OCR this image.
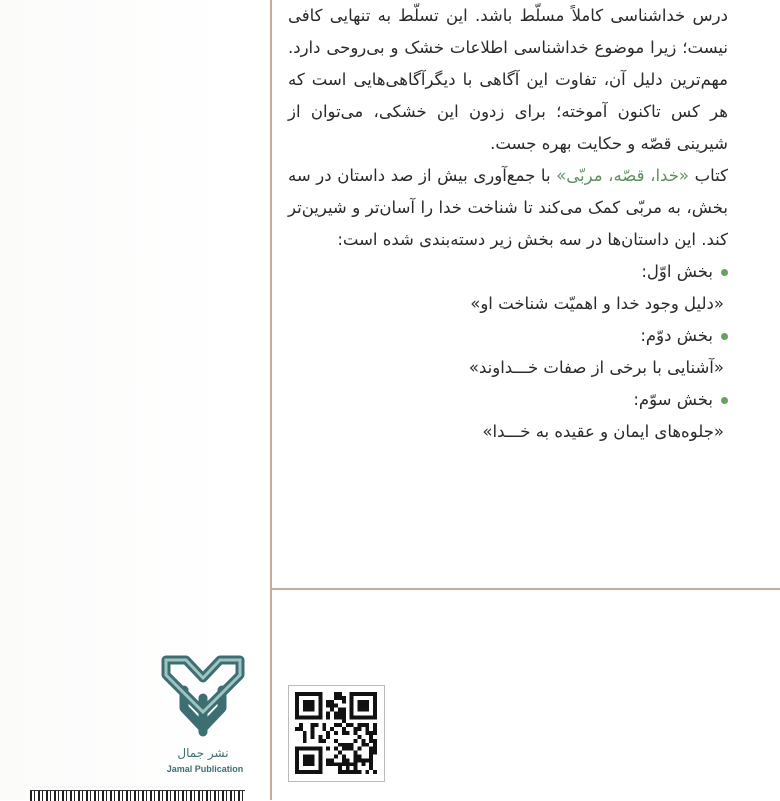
درس خداشناسی کاملاً مسلّط باشد. این تسلّط به تنهایی کافی نیست؛ زیرا موضوع خداشناسی اطلاعات خشک و بی‌روحی دارد. مهم‌ترین دلیل آن، تفاوت این آگاهی با دیگرآگاهی‌هایی است که هر کس تاکنون آموخته؛ برای زدون این خشکی، می‌توان از شیرینی قصّه و حکایت بهره جست.

کتاب «خدا، قصّه، مربّی» با جمع‌آوری بیش از صد داستان در سه بخش، به مربّی کمک می‌کند تا شناخت خدا را آسان‌تر و شیرین‌تر کند. این داستان‌ها در سه بخش زیر دسته‌بندی شده است:

بخش اوّل:

«دلیل وجود خدا و اهمیّت شناخت او»

بخش دوّم:

«آشنایی با برخی از صفات خـــداوند»

بخش سوّم:

«جلوه‌های ایمان و عقیده به خـــدا»

نشر جمال
Jamal Publication
